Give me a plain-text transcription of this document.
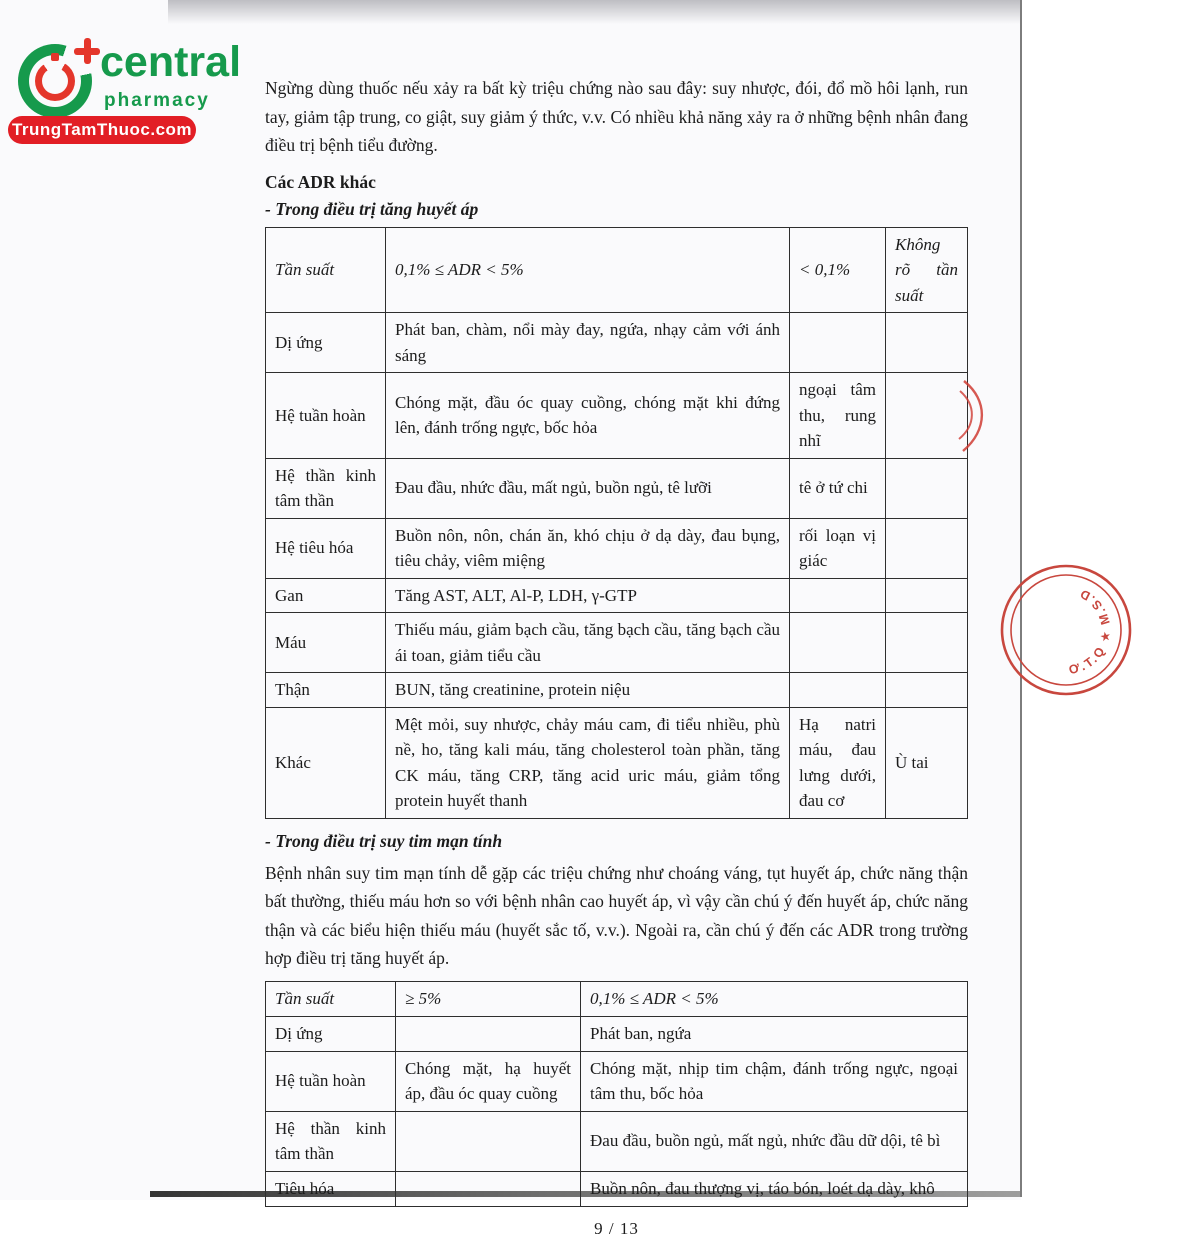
central
pharmacy
TrungTamThuoc.com

Ngừng dùng thuốc nếu xảy ra bất kỳ triệu chứng nào sau đây: suy nhược, đói, đổ mồ hôi lạnh, run tay, giảm tập trung, co giật, suy giảm ý thức, v.v. Có nhiều khả năng xảy ra ở những bệnh nhân đang điều trị bệnh tiểu đường.

Các ADR khác
- Trong điều trị tăng huyết áp
Tần suất	0,1% ≤ ADR < 5%	< 0,1%	Không rõ tần suất
Dị ứng	Phát ban, chàm, nổi mày đay, ngứa, nhạy cảm với ánh sáng		
Hệ tuần hoàn	Chóng mặt, đầu óc quay cuồng, chóng mặt khi đứng lên, đánh trống ngực, bốc hỏa	ngoại tâm thu, rung nhĩ	
Hệ thần kinh tâm thần	Đau đầu, nhức đầu, mất ngủ, buồn ngủ, tê lưỡi	tê ở tứ chi	
Hệ tiêu hóa	Buồn nôn, nôn, chán ăn, khó chịu ở dạ dày, đau bụng, tiêu chảy, viêm miệng	rối loạn vị giác	
Gan	Tăng AST, ALT, Al-P, LDH, γ-GTP		
Máu	Thiếu máu, giảm bạch cầu, tăng bạch cầu, tăng bạch cầu ái toan, giảm tiểu cầu		
Thận	BUN, tăng creatinine, protein niệu		
Khác	Mệt mỏi, suy nhược, chảy máu cam, đi tiểu nhiều, phù nề, ho, tăng kali máu, tăng cholesterol toàn phần, tăng CK máu, tăng CRP, tăng acid uric máu, giảm tổng protein huyết thanh	Hạ natri máu, đau lưng dưới, đau cơ	Ù tai
- Trong điều trị suy tim mạn tính

Bệnh nhân suy tim mạn tính dễ gặp các triệu chứng như choáng váng, tụt huyết áp, chức năng thận bất thường, thiếu máu hơn so với bệnh nhân cao huyết áp, vì vậy cần chú ý đến huyết áp, chức năng thận và các biểu hiện thiếu máu (huyết sắc tố, v.v.). Ngoài ra, cần chú ý đến các ADR trong trường hợp điều trị tăng huyết áp.

Tần suất	≥ 5%	0,1% ≤ ADR < 5%
Dị ứng		Phát ban, ngứa
Hệ tuần hoàn	Chóng mặt, hạ huyết áp, đầu óc quay cuồng	Chóng mặt, nhịp tim chậm, đánh trống ngực, ngoại tâm thu, bốc hỏa
Hệ thần kinh tâm thần		Đau đầu, buồn ngủ, mất ngủ, nhức đầu dữ dội, tê bì
Tiêu hóa		Buồn nôn, đau thượng vị, táo bón, loét dạ dày, khô
9 / 13
Ơ.T.Q ★ M.S.D
